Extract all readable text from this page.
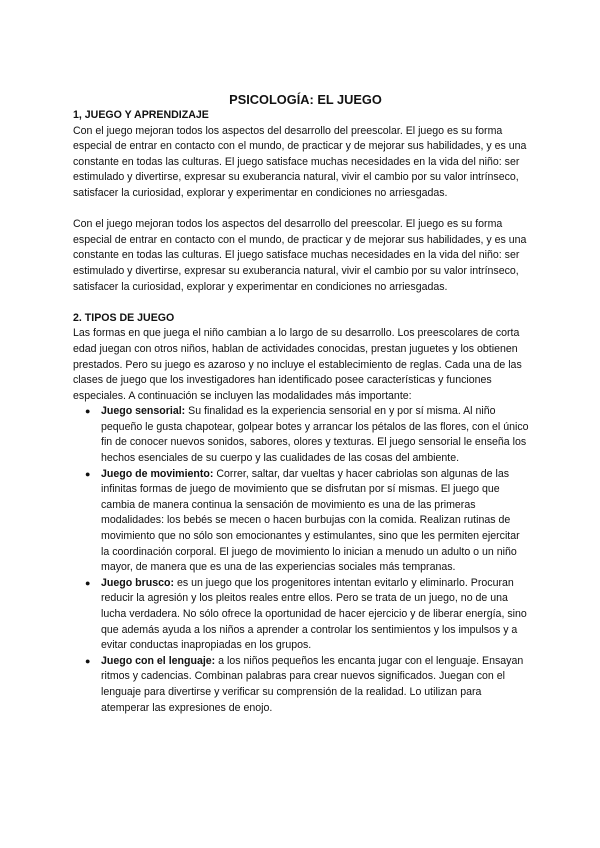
PSICOLOGÍA: EL JUEGO
1, JUEGO Y APRENDIZAJE

Con el juego mejoran todos los aspectos del desarrollo del preescolar. El juego es su forma especial de entrar en contacto con el mundo, de practicar y de mejorar sus habilidades, y es una constante en todas las culturas. El juego satisface muchas necesidades en la vida del niño: ser estimulado y divertirse, expresar su exuberancia natural, vivir el cambio por su valor intrínseco, satisfacer la curiosidad, explorar y experimentar en condiciones no arriesgadas.

Con el juego mejoran todos los aspectos del desarrollo del preescolar. El juego es su forma especial de entrar en contacto con el mundo, de practicar y de mejorar sus habilidades, y es una constante en todas las culturas. El juego satisface muchas necesidades en la vida del niño: ser estimulado y divertirse, expresar su exuberancia natural, vivir el cambio por su valor intrínseco, satisfacer la curiosidad, explorar y experimentar en condiciones no arriesgadas.

2. TIPOS DE JUEGO

Las formas en que juega el niño cambian a lo largo de su desarrollo. Los preescolares de corta edad juegan con otros niños, hablan de actividades conocidas, prestan juguetes y los obtienen prestados. Pero su juego es azaroso y no incluye el establecimiento de reglas. Cada una de las clases de juego que los investigadores han identificado posee características y funciones especiales. A continuación se incluyen las modalidades más importante:

● Juego sensorial: Su finalidad es la experiencia sensorial en y por sí misma. Al niño pequeño le gusta chapotear, golpear botes y arrancar los pétalos de las flores, con el único fin de conocer nuevos sonidos, sabores, olores y texturas. El juego sensorial le enseña los hechos esenciales de su cuerpo y las cualidades de las cosas del ambiente.
● Juego de movimiento: Correr, saltar, dar vueltas y hacer cabriolas son algunas de las infinitas formas de juego de movimiento que se disfrutan por sí mismas. El juego que cambia de manera continua la sensación de movimiento es una de las primeras modalidades: los bebés se mecen o hacen burbujas con la comida. Realizan rutinas de movimiento que no sólo son emocionantes y estimulantes, sino que les permiten ejercitar la coordinación corporal. El juego de movimiento lo inician a menudo un adulto o un niño mayor, de manera que es una de las experiencias sociales más tempranas.
● Juego brusco: es un juego que los progenitores intentan evitarlo y eliminarlo. Procuran reducir la agresión y los pleitos reales entre ellos. Pero se trata de un juego, no de una lucha verdadera. No sólo ofrece la oportunidad de hacer ejercicio y de liberar energía, sino que además ayuda a los niños a aprender a controlar los sentimientos y los impulsos y a evitar conductas inapropiadas en los grupos.
● Juego con el lenguaje: a los niños pequeños les encanta jugar con el lenguaje. Ensayan ritmos y cadencias. Combinan palabras para crear nuevos significados. Juegan con el lenguaje para divertirse y verificar su comprensión de la realidad. Lo utilizan para atemperar las expresiones de enojo.
